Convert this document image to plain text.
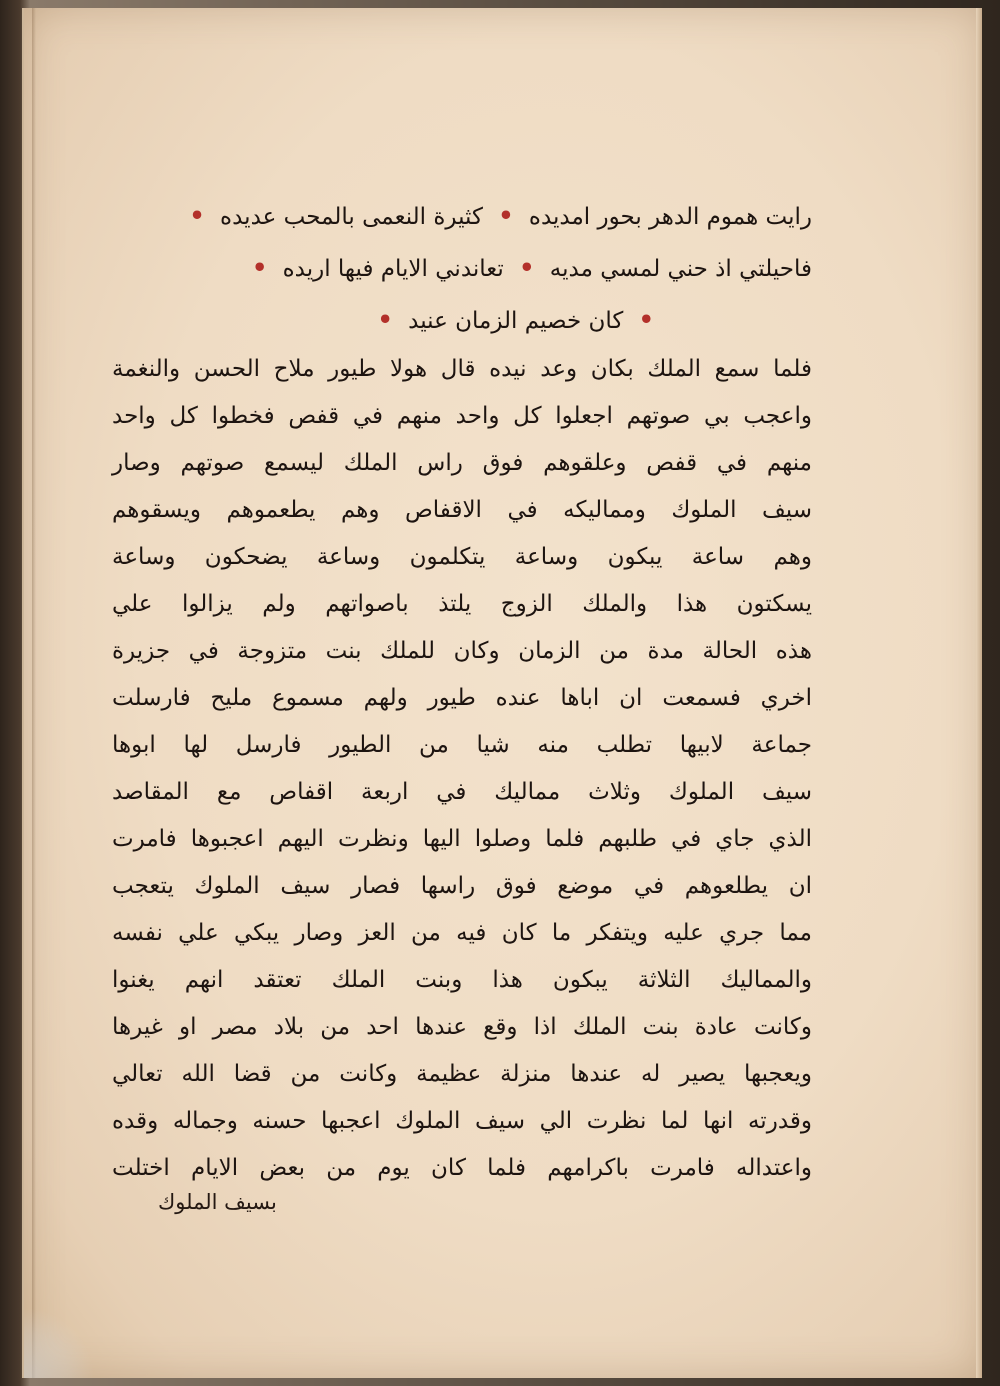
رايت هموم الدهر بحور امديده • كثيرة النعمى بالمحب عديده •
فاحيلتي اذ حني لمسي مديه • تعاندني الايام فيها اريده •
• كان خصيم الزمان عنيد •
فلما سمع الملك بكان وعد نيده قال هولا طيور ملاح الحسن والنغمة
واعجب بي صوتهم اجعلوا كل واحد منهم في قفص فخطوا كل واحد
منهم في قفص وعلقوهم فوق راس الملك ليسمع صوتهم وصار
سيف الملوك ومماليكه في الاقفاص وهم يطعموهم ويسقوهم
وهم ساعة يبكون وساعة يتكلمون وساعة يضحكون وساعة
يسكتون هذا والملك الزوج يلتذ باصواتهم ولم يزالوا علي
هذه الحالة مدة من الزمان وكان للملك بنت متزوجة في جزيرة
اخري فسمعت ان اباها عنده طيور ولهم مسموع مليح فارسلت
جماعة لابيها تطلب منه شيا من الطيور فارسل لها ابوها
سيف الملوك وثلاث مماليك في اربعة اقفاص مع المقاصد
الذي جاي في طلبهم فلما وصلوا اليها ونظرت اليهم اعجبوها فامرت
ان يطلعوهم في موضع فوق راسها فصار سيف الملوك يتعجب
مما جري عليه ويتفكر ما كان فيه من العز وصار يبكي علي نفسه
والمماليك الثلاثة يبكون هذا وبنت الملك تعتقد انهم يغنوا
وكانت عادة بنت الملك اذا وقع عندها احد من بلاد مصر او غيرها
ويعجبها يصير له عندها منزلة عظيمة وكانت من قضا الله تعالي
وقدرته انها لما نظرت الي سيف الملوك اعجبها حسنه وجماله وقده
واعتداله فامرت باكرامهم فلما كان يوم من بعض الايام اختلت
بسيف الملوك
